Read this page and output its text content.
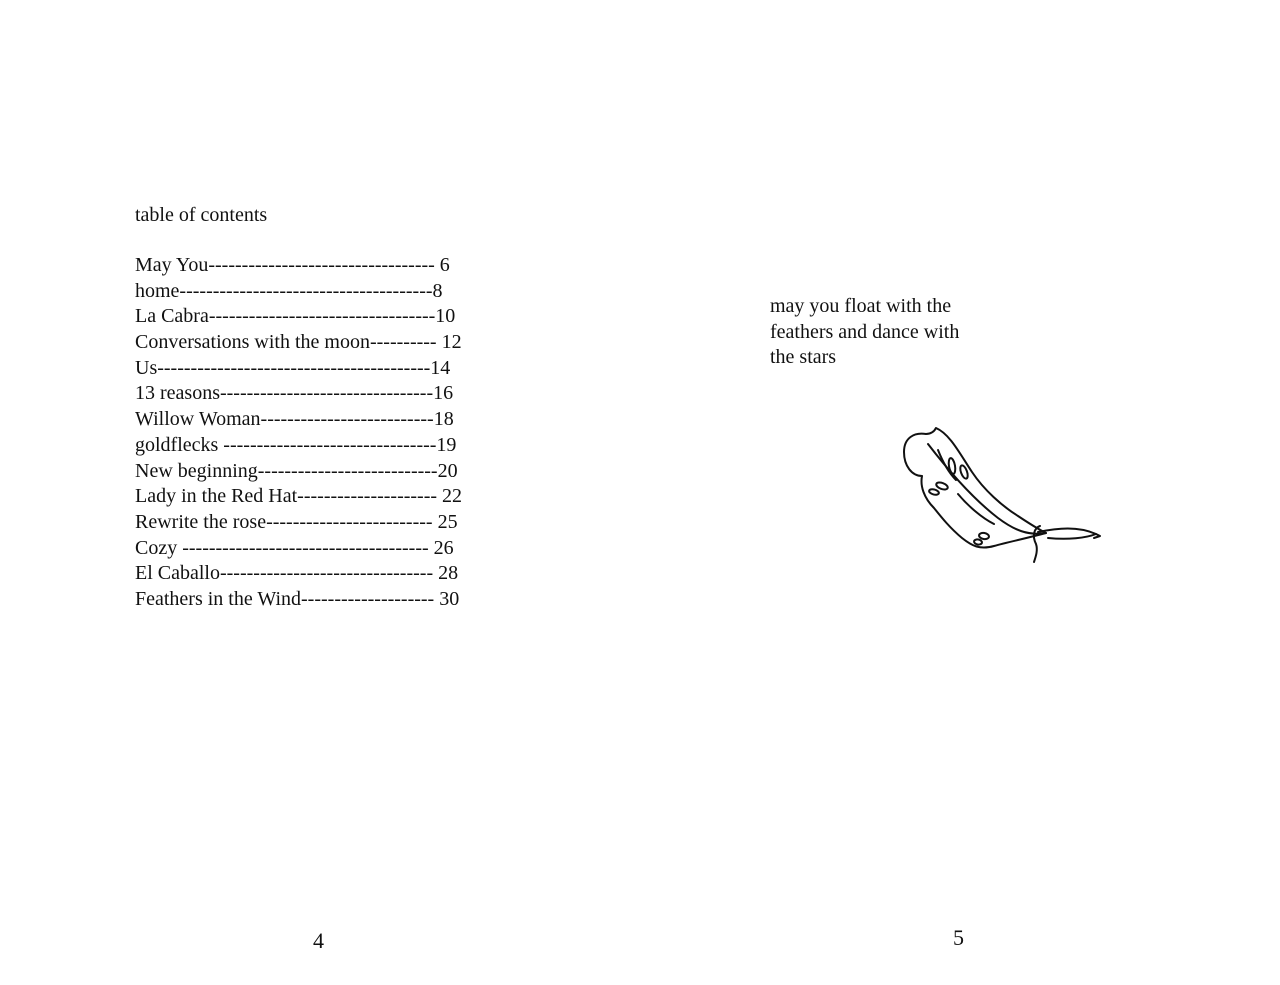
table of contents
May You---------------------------------- 6
home--------------------------------------8
La Cabra----------------------------------10
Conversations with the moon---------- 12
Us-----------------------------------------14
13 reasons--------------------------------16
Willow Woman--------------------------18
goldflecks --------------------------------19
New beginning---------------------------20
Lady in the Red Hat--------------------- 22
Rewrite the rose------------------------- 25
Cozy ------------------------------------- 26
El Caballo-------------------------------- 28
Feathers in the Wind-------------------- 30
4

may you float with the
feathers and dance with
the stars

5
